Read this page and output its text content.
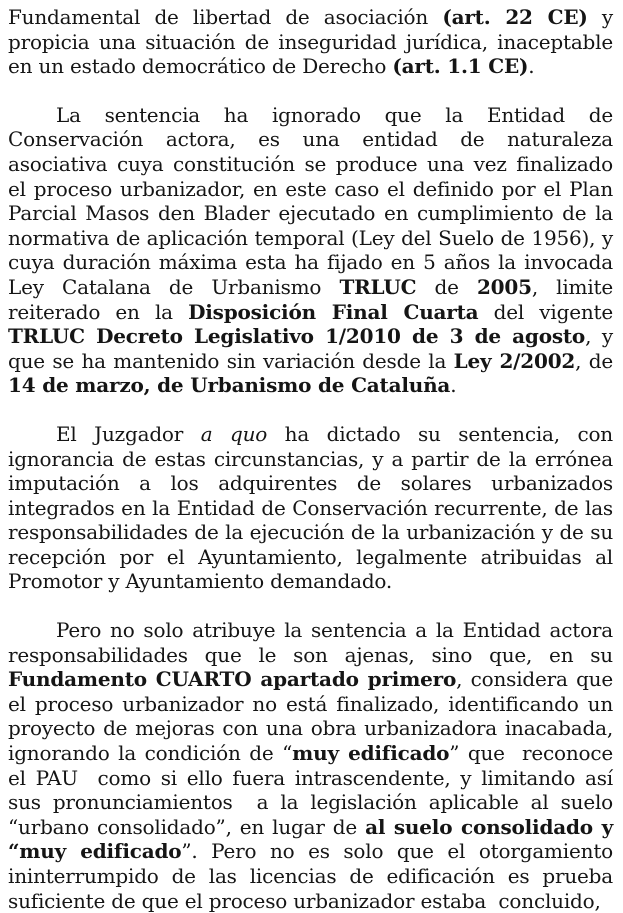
Fundamental de libertad de asociación (art. 22 CE) y propicia una situación de inseguridad jurídica, inaceptable en un estado democrático de Derecho (art. 1.1 CE).

La sentencia ha ignorado que la Entidad de Conservación actora, es una entidad de naturaleza asociativa cuya constitución se produce una vez finalizado el proceso urbanizador, en este caso el definido por el Plan Parcial Masos den Blader ejecutado en cumplimiento de la normativa de aplicación temporal (Ley del Suelo de 1956), y cuya duración máxima esta ha fijado en 5 años la invocada Ley Catalana de Urbanismo TRLUC de 2005, limite reiterado en la Disposición Final Cuarta del vigente TRLUC Decreto Legislativo 1/2010 de 3 de agosto, y que se ha mantenido sin variación desde la Ley 2/2002, de 14 de marzo, de Urbanismo de Cataluña.

El Juzgador a quo ha dictado su sentencia, con ignorancia de estas circunstancias, y a partir de la errónea imputación a los adquirentes de solares urbanizados integrados en la Entidad de Conservación recurrente, de las responsabilidades de la ejecución de la urbanización y de su recepción por el Ayuntamiento, legalmente atribuidas al Promotor y Ayuntamiento demandado.

Pero no solo atribuye la sentencia a la Entidad actora responsabilidades que le son ajenas, sino que, en su Fundamento CUARTO apartado primero, considera que el proceso urbanizador no está finalizado, identificando un proyecto de mejoras con una obra urbanizadora inacabada, ignorando la condición de “muy edificado” que  reconoce el PAU  como si ello fuera intrascendente, y limitando así sus pronunciamientos  a la legislación aplicable al suelo “urbano consolidado”, en lugar de al suelo consolidado y “muy edificado”. Pero no es solo que el otorgamiento ininterrumpido de las licencias de edificación es prueba suficiente de que el proceso urbanizador estaba  concluido,
